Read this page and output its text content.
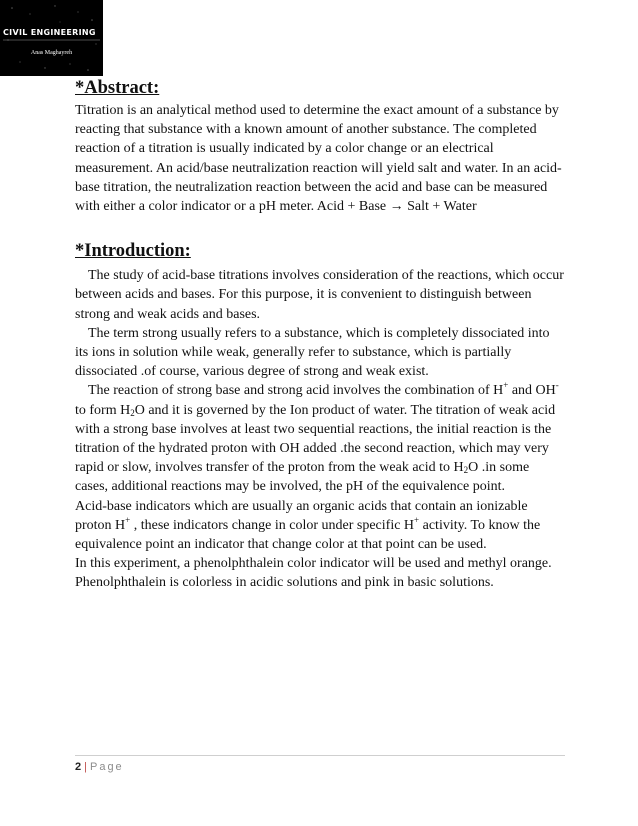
CIVIL ENGINEERING
Anas Maghayreh
*Abstract:

Titration is an analytical method used to determine the exact amount of a substance by reacting that substance with a known amount of another substance. The completed reaction of a titration is usually indicated by a color change or an electrical measurement. An acid/base neutralization reaction will yield salt and water. In an acid-base titration, the neutralization reaction between the acid and base can be measured with either a color indicator or a pH meter. Acid + Base → Salt + Water

*Introduction:

The study of acid-base titrations involves consideration of the reactions, which occur between acids and bases. For this purpose, it is convenient to distinguish between strong and weak acids and bases.

The term strong usually refers to a substance, which is completely dissociated into its ions in solution while weak, generally refer to substance, which is partially dissociated .of course, various degree of strong and weak exist.

The reaction of strong base and strong acid involves the combination of H+ and OH- to form $H_2O$ and it is governed by the Ion product of water. The titration of weak acid with a strong base involves at least two sequential reactions, the initial reaction is the titration of the hydrated proton with OH added .the second reaction, which may very rapid or slow, involves transfer of the proton from the weak acid to $H_2O$ .in some cases, additional reactions may be involved, the pH of the equivalence point.

Acid-base indicators which are usually an organic acids that contain an ionizable proton H+ , these indicators change in color under specific H+ activity. To know the equivalence point an indicator that change color at that point can be used.

In this experiment, a phenolphthalein color indicator will be used and methyl orange. Phenolphthalein is colorless in acidic solutions and pink in basic solutions.

2 | Page
